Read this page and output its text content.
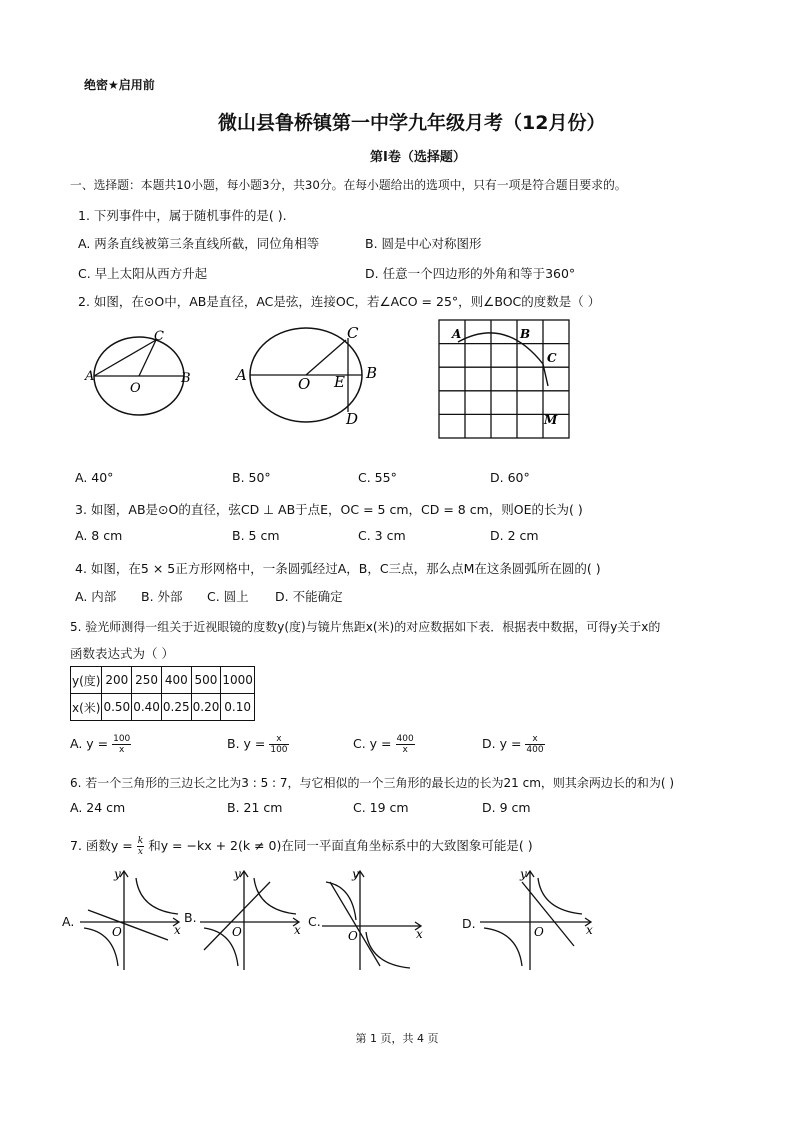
绝密★启用前
微山县鲁桥镇第一中学九年级月考（12月份）
第Ⅰ卷（选择题）
一、选择题：本题共10小题，每小题3分，共30分。在每小题给出的选项中，只有一项是符合题目要求的。
1. 下列事件中，属于随机事件的是( ).
A. 两条直线被第三条直线所截，同位角相等	B. 圆是中心对称图形
C. 早上太阳从西方升起	D. 任意一个四边形的外角和等于360°
2. 如图，在⊙O中，AB是直径，AC是弦，连接OC，若∠ACO = 25°，则∠BOC的度数是（ ）
A	B
C
O
A	B
C
O E
D
A	B
C
M
A. 40°	B. 50°	C. 55°	D. 60°
3. 如图，AB是⊙O的直径，弦CD ⊥ AB于点E，OC = 5 cm，CD = 8 cm，则OE的长为( )
A. 8 cm	B. 5 cm	C. 3 cm	D. 2 cm
4. 如图，在5 × 5正方形网格中，一条圆弧经过A，B，C三点，那么点M在这条圆弧所在圆的( )
A. 内部 B. 外部 C. 圆上 D. 不能确定
5. 验光师测得一组关于近视眼镜的度数y(度)与镜片焦距x(米)的对应数据如下表．根据表中数据，可得y关于x的
函数表达式为（ ）
y(度)	200	250	400	500	1000
x(米)	0.50	0.40	0.25	0.20	0.10
A. $y = \frac{100}{x}$	B. $y = \frac{x}{100}$	C. $y = \frac{400}{x}$	D. $y = \frac{x}{400}$
6. 若一个三角形的三边长之比为3 : 5 : 7，与它相似的一个三角形的最长边的长为21 cm，则其余两边长的和为( )
A. 24 cm	B. 21 cm	C. 19 cm	D. 9 cm
7. 函数$y = \frac{k}{x}$ 和y = −kx + 2(k ≠ 0)在同一平面直角坐标系中的大致图象可能是( )
A.
y
x
O
B.
y
x
O
C.
y
x
O
D.
y
x
O
第 1 页，共 4 页
